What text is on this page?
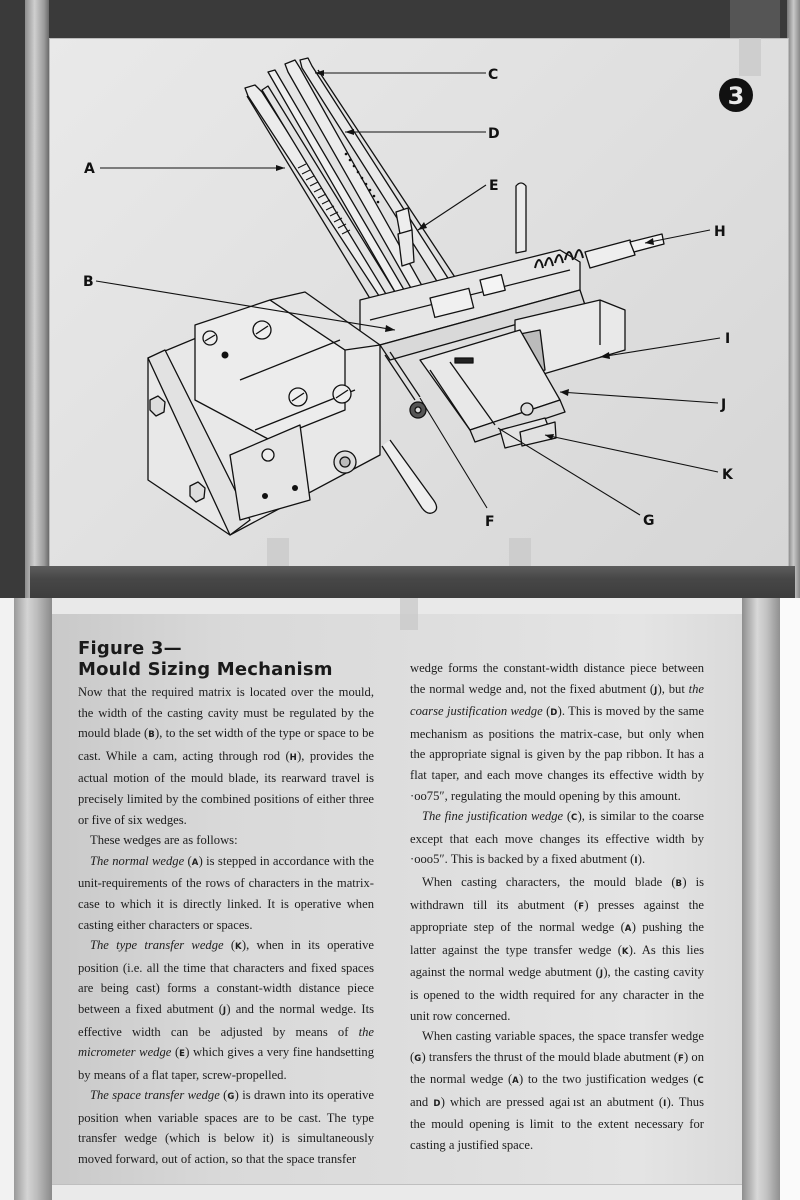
A
B
C
D
E
F	G
H
I
J
K
3
Figure 3—
Mould Sizing Mechanism

Now that the required matrix is located over the mould, the width of the casting cavity must be regulated by the mould blade (B), to the set width of the type or space to be cast. While a cam, acting through rod (H), provides the actual motion of the mould blade, its rearward travel is precisely limited by the combined positions of either three or five of six wedges.

These wedges are as follows:

The normal wedge (A) is stepped in accordance with the unit-requirements of the rows of characters in the matrix-case to which it is directly linked. It is operative when casting either characters or spaces.

The type transfer wedge (K), when in its operative position (i.e. all the time that characters and fixed spaces are being cast) forms a constant-width distance piece between a fixed abutment (J) and the normal wedge. Its effective width can be adjusted by means of the micrometer wedge (E) which gives a very fine handsetting by means of a flat taper, screw-propelled.

The space transfer wedge (G) is drawn into its operative position when variable spaces are to be cast. The type transfer wedge (which is below it) is simultaneously moved forward, out of action, so that the space transfer

wedge forms the constant-width distance piece between the normal wedge and, not the fixed abutment (J), but the coarse justification wedge (D). This is moved by the same mechanism as positions the matrix-case, but only when the appropriate signal is given by the pap ribbon. It has a flat taper, and each move changes its effective width by ·oo75″, regulating the mould opening by this amount.

The fine justification wedge (C), is similar to the coarse except that each move changes its effective width by ·ooo5″. This is backed by a fixed abutment (I).

When casting characters, the mould blade (B) is withdrawn till its abutment (F) presses against the appropriate step of the normal wedge (A) pushing the latter against the type transfer wedge (K). As this lies against the normal wedge abutment (J), the casting cavity is opened to the width required for any character in the unit row concerned.

When casting variable spaces, the space transfer wedge (G) transfers the thrust of the mould blade abutment (F) on the normal wedge (A) to the two justification wedges (C and D) which are pressed agai ıst an abutment (I). Thus the mould opening is limit   to the extent necessary for casting a justified space.
